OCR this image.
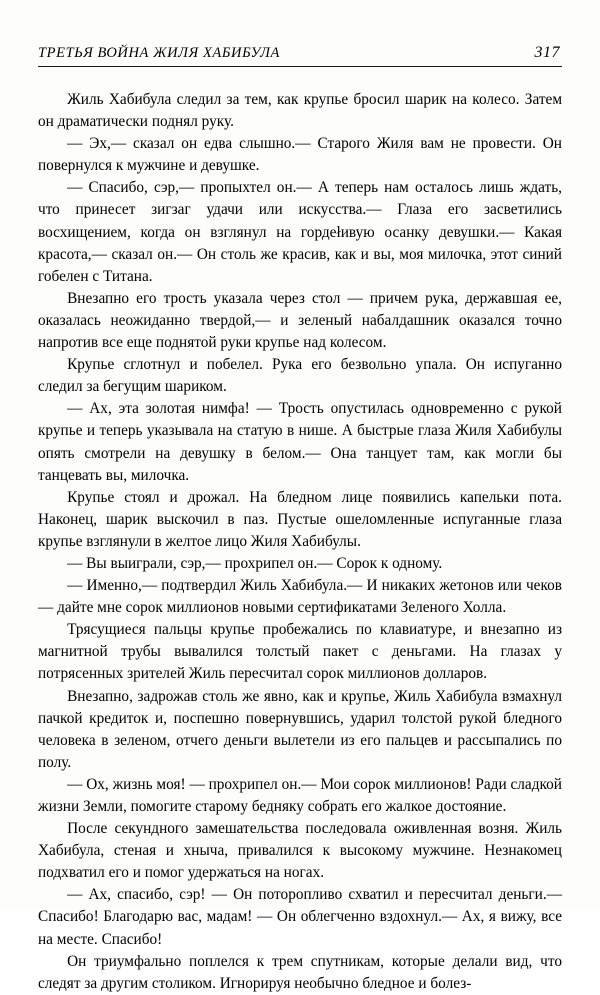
ТРЕТЬЯ ВОЙНА ЖИЛЯ ХАБИБУЛА	317

Жиль Хабибула следил за тем, как крупье бросил шарик на колесо. Затем он драматически поднял руку.

— Эх,— сказал он едва слышно.— Старого Жиля вам не провести. Он повернулся к мужчине и девушке.

— Спасибо, сэр,— пропыхтел он.— А теперь нам осталось лишь ждать, что принесет зигзаг удачи или искусства.— Глаза его засветились восхищением, когда он взглянул на гордełивую осанку девушки.— Какая красота,— сказал он.— Он столь же красив, как и вы, моя милочка, этот синий гобелен с Титана.

Внезапно его трость указала через стол — причем рука, державшая ее, оказалась неожиданно твердой,— и зеленый набалдашник оказался точно напротив все еще поднятой руки крупье над колесом.

Крупье сглотнул и побелел. Рука его безвольно упала. Он испуганно следил за бегущим шариком.

— Ах, эта золотая нимфа! — Трость опустилась одновременно с рукой крупье и теперь указывала на статую в нише. А быстрые глаза Жиля Хабибулы опять смотрели на девушку в белом.— Она танцует там, как могли бы танцевать вы, милочка.

Крупье стоял и дрожал. На бледном лице появились капельки пота. Наконец, шарик выскочил в паз. Пустые ошеломленные испуганные глаза крупье взглянули в желтое лицо Жиля Хабибулы.

— Вы выиграли, сэр,— прохрипел он.— Сорок к одному.

— Именно,— подтвердил Жиль Хабибула.— И никаких жетонов или чеков — дайте мне сорок миллионов новыми сертификатами Зеленого Холла.

Трясущиеся пальцы крупье пробежались по клавиатуре, и внезапно из магнитной трубы вывалился толстый пакет с деньгами. На глазах у потрясенных зрителей Жиль пересчитал сорок миллионов долларов.

Внезапно, задрожав столь же явно, как и крупье, Жиль Хабибула взмахнул пачкой кредиток и, поспешно повернувшись, ударил толстой рукой бледного человека в зеленом, отчего деньги вылетели из его пальцев и рассыпались по полу.

— Ох, жизнь моя! — прохрипел он.— Мои сорок миллионов! Ради сладкой жизни Земли, помогите старому бедняку собрать его жалкое достояние.

После секундного замешательства последовала оживленная возня. Жиль Хабибула, стеная и хныча, привалился к высокому мужчине. Незнакомец подхватил его и помог удержаться на ногах.

— Ах, спасибо, сэр! — Он поторопливо схватил и пересчитал деньги.— Спасибо! Благодарю вас, мадам! — Он облегченно вздохнул.— Ах, я вижу, все на месте. Спасибо!

Он триумфально поплелся к трем спутникам, которые делали вид, что следят за другим столиком. Игнорируя необычно бледное и болез-
